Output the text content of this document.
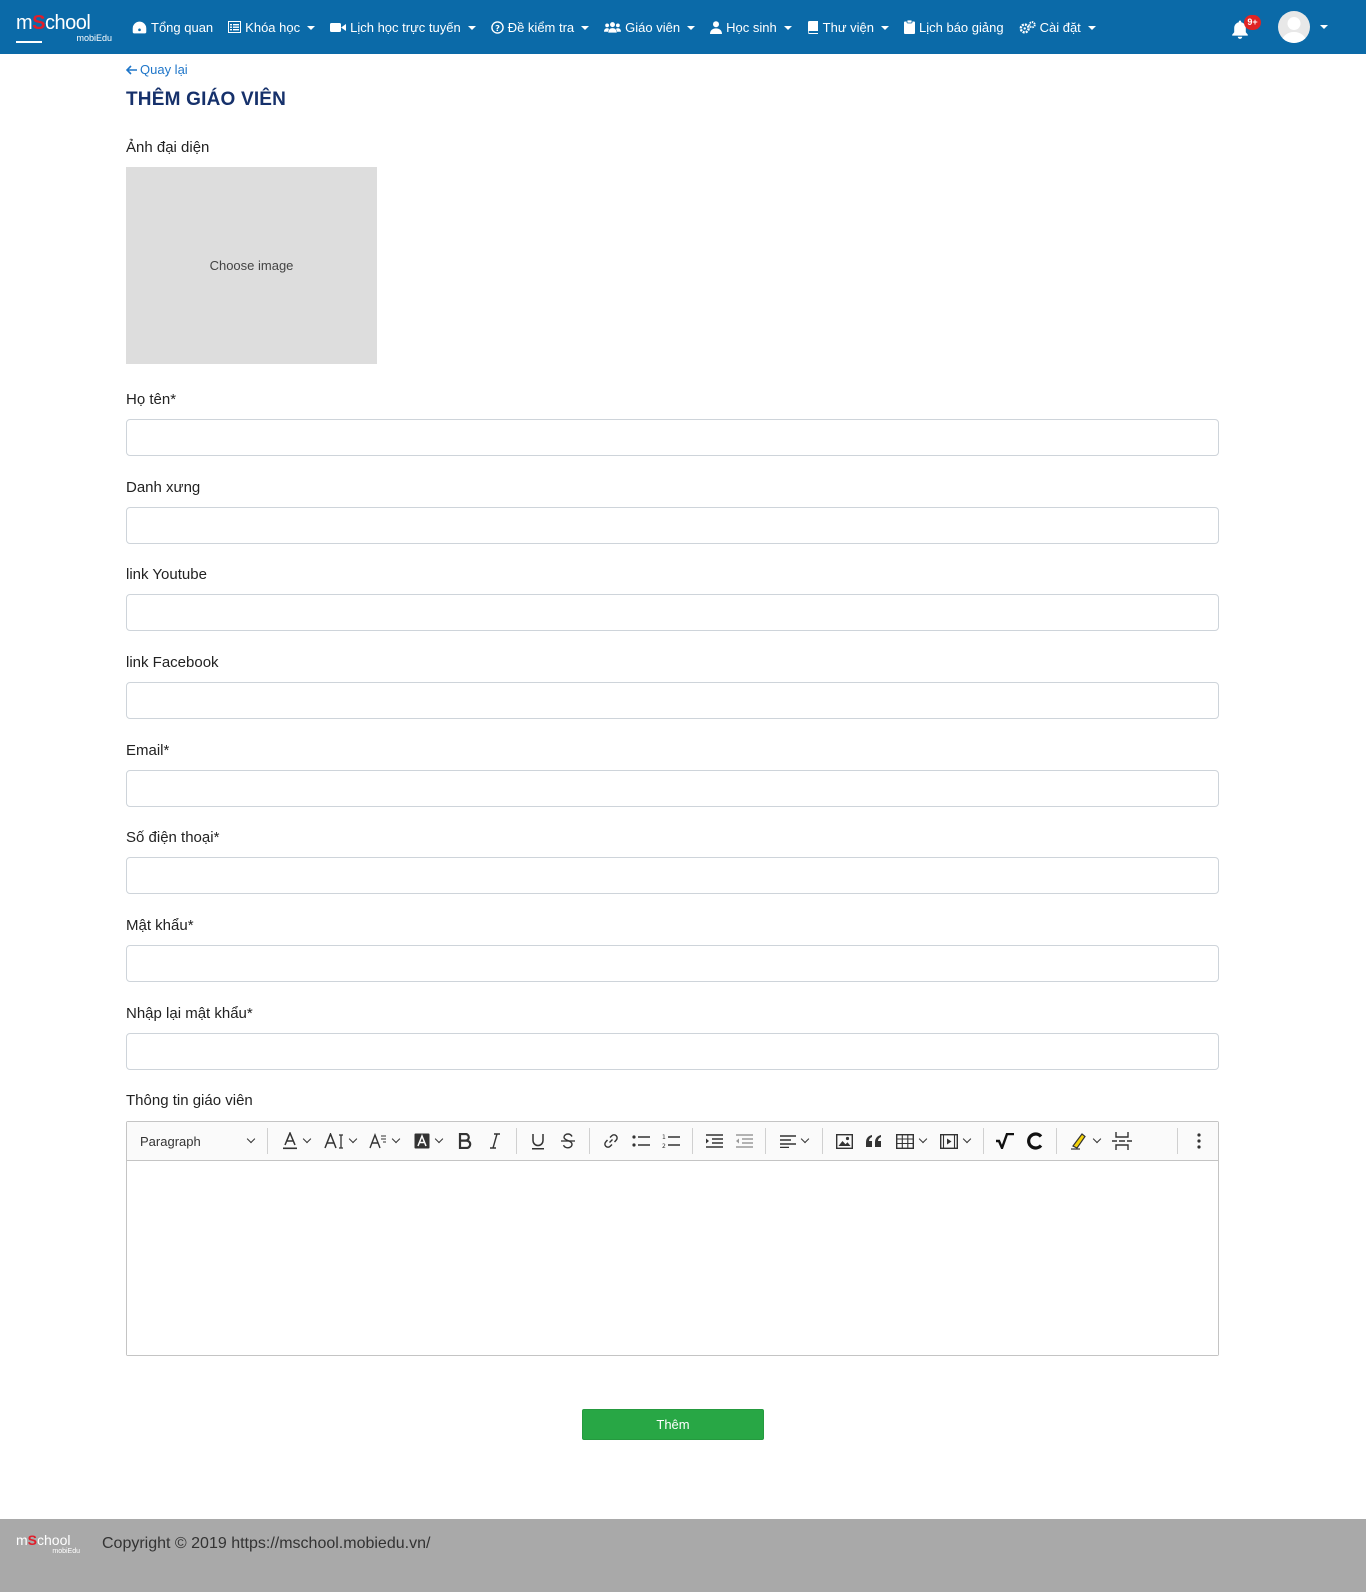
mSchool
mobiEdu
Tổng quan Khóa học	Lịch học trực tuyến	? Đề kiểm tra	Giáo viên	Học sinh	Thư viện	Lịch báo giảng	Cài đặt	9+
Quay lại
THÊM GIÁO VIÊN
Ảnh đại diện
Choose image
Họ tên*
Danh xưng
link Youtube
link Facebook
Email*
Số điện thoại*
Mật khẩu*
Nhập lại mật khẩu*
Thông tin giáo viên
Paragraph	1
2
Thêm
mSchool
mobiEdu Copyright © 2019 https://mschool.mobiedu.vn/
